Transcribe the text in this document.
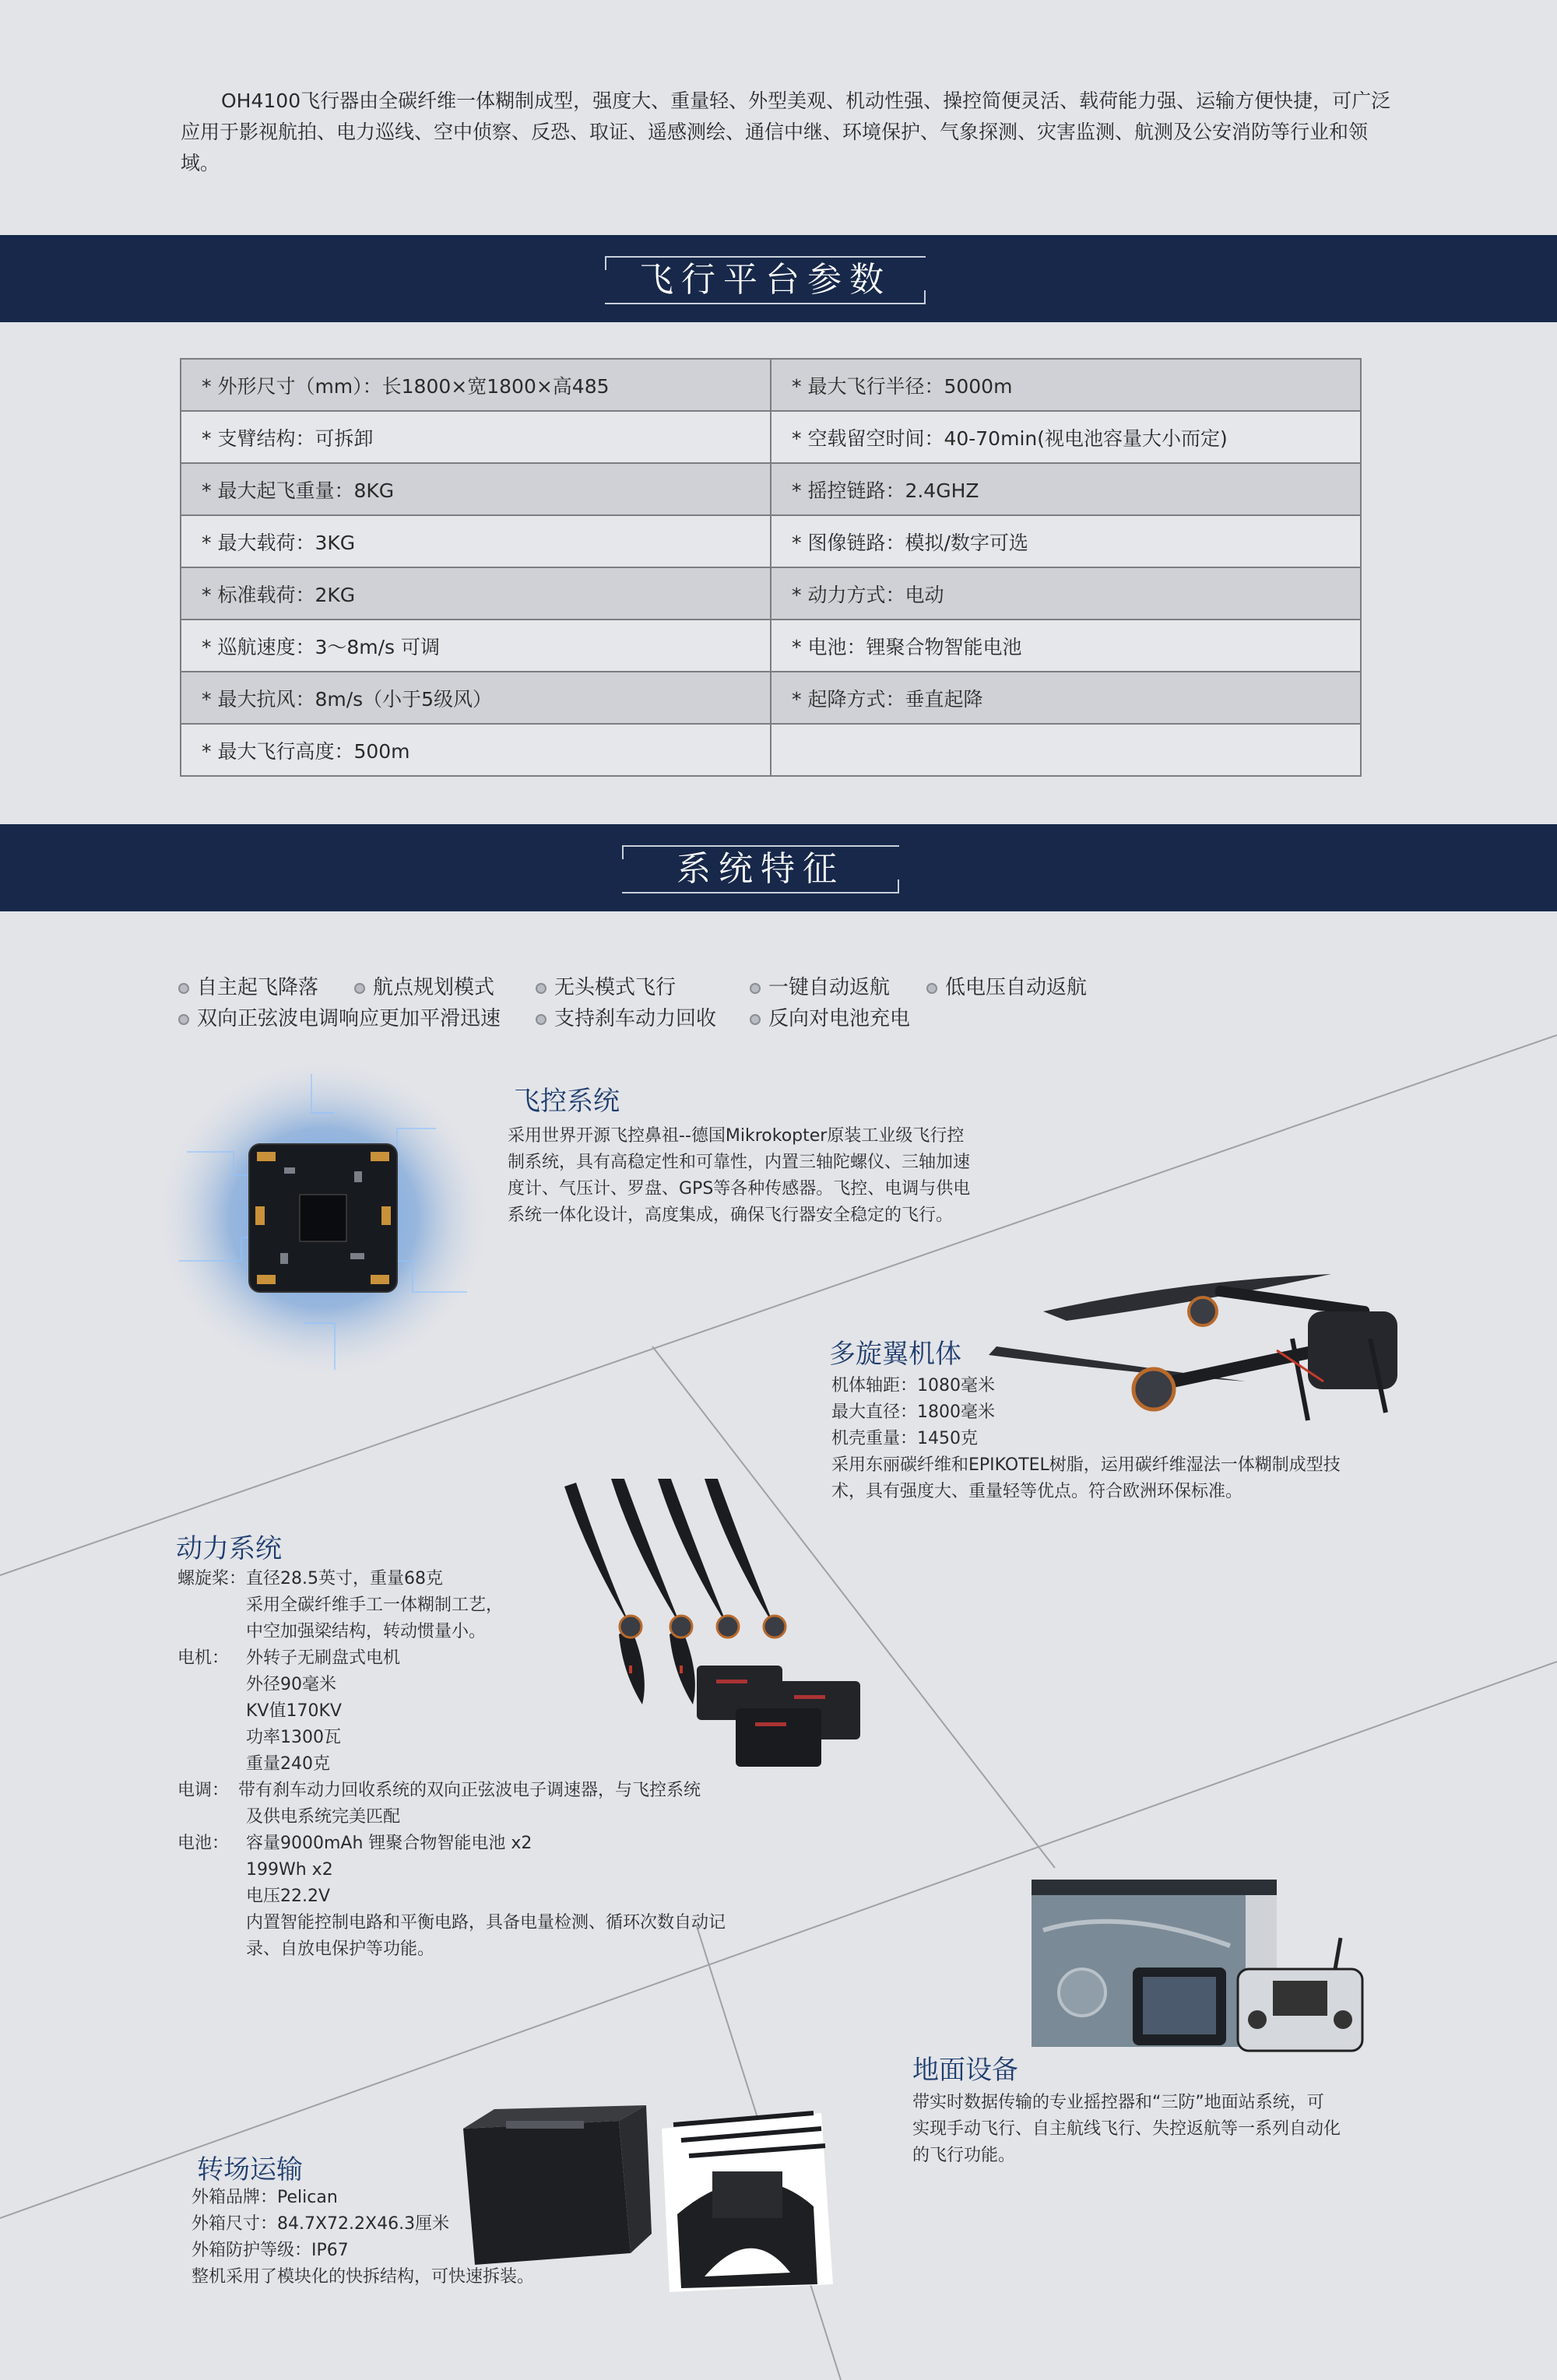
OH4100飞行器由全碳纤维一体糊制成型，强度大、重量轻、外型美观、机动性强、操控简便灵活、载荷能力强、运输方便快捷，可广泛应用于影视航拍、电力巡线、空中侦察、反恐、取证、遥感测绘、通信中继、环境保护、气象探测、灾害监测、航测及公安消防等行业和领域。
飞行平台参数
* 外形尺寸（mm）：长1800×宽1800×高485	* 最大飞行半径：5000m
* 支臂结构：可拆卸	* 空载留空时间：40-70min(视电池容量大小而定)
* 最大起飞重量：8KG	* 摇控链路：2.4GHZ
* 最大载荷：3KG	* 图像链路：模拟/数字可选
* 标准载荷：2KG	* 动力方式：电动
* 巡航速度：3～8m/s 可调	* 电池：锂聚合物智能电池
* 最大抗风：8m/s（小于5级风）	* 起降方式：垂直起降
* 最大飞行高度：500m	
系统特征
自主起飞降落	航点规划模式	无头模式飞行	一键自动返航	低电压自动返航
双向正弦波电调响应更加平滑迅速	支持刹车动力回收	反向对电池充电
飞控系统
采用世界开源飞控鼻祖--德国Mikrokopter原装工业级飞行控
制系统，具有高稳定性和可靠性，内置三轴陀螺仪、三轴加速
度计、气压计、罗盘、GPS等各种传感器。飞控、电调与供电
系统一体化设计，高度集成，确保飞行器安全稳定的飞行。
多旋翼机体
机体轴距：1080毫米
最大直径：1800毫米
机壳重量：1450克
采用东丽碳纤维和EPIKOTEL树脂，运用碳纤维湿法一体糊制成型技
术，具有强度大、重量轻等优点。符合欧洲环保标准。
动力系统
螺旋桨：直径28.5英寸，重量68克
采用全碳纤维手工一体糊制工艺，
中空加强梁结构，转动惯量小。
电机： 外转子无刷盘式电机
外径90毫米
KV值170KV
功率1300瓦
重量240克
电调： 带有刹车动力回收系统的双向正弦波电子调速器，与飞控系统
及供电系统完美匹配
电池： 容量9000mAh 锂聚合物智能电池 x2
199Wh x2
电压22.2V
内置智能控制电路和平衡电路，具备电量检测、循环次数自动记
录、自放电保护等功能。
地面设备
带实时数据传输的专业摇控器和“三防”地面站系统，可
实现手动飞行、自主航线飞行、失控返航等一系列自动化
的飞行功能。
转场运输
外箱品牌：Pelican
外箱尺寸：84.7X72.2X46.3厘米
外箱防护等级：IP67
整机采用了模块化的快拆结构，可快速拆装。
